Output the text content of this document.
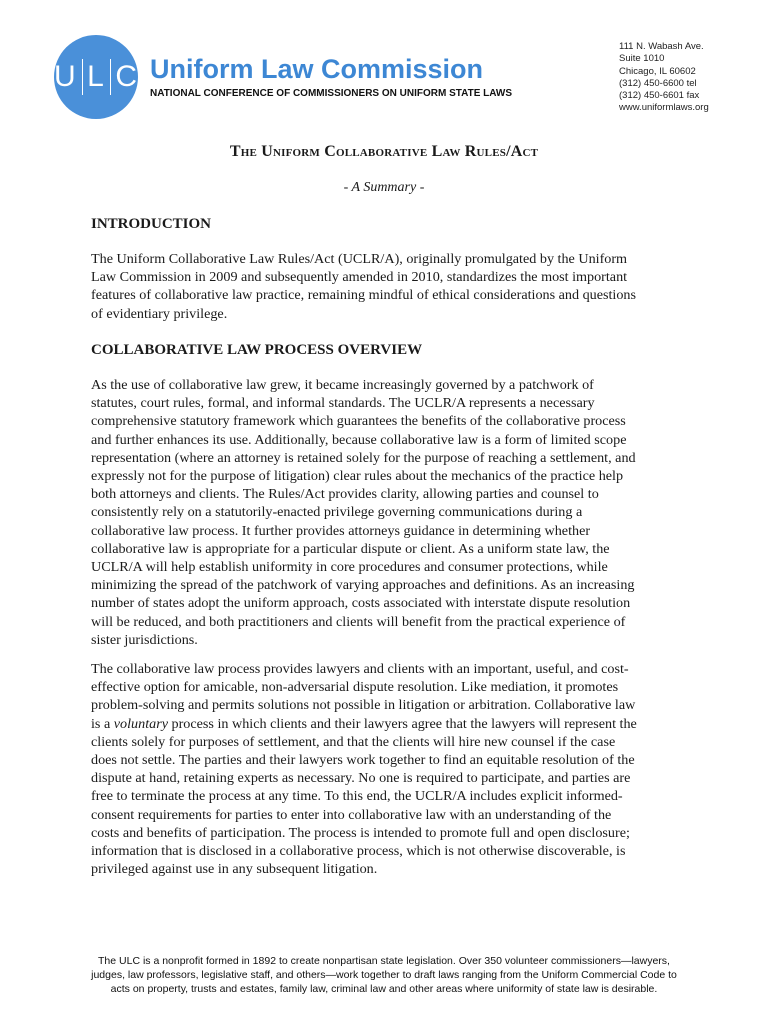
U L C Uniform Law Commission
NATIONAL CONFERENCE OF COMMISSIONERS ON UNIFORM STATE LAWS
111 N. Wabash Ave.
Suite 1010
Chicago, IL 60602
(312) 450-6600 tel
(312) 450-6601 fax
www.uniformlaws.org
The Uniform Collaborative Law Rules/Act
- A Summary -
INTRODUCTION
The Uniform Collaborative Law Rules/Act (UCLR/A), originally promulgated by the Uniform
Law Commission in 2009 and subsequently amended in 2010, standardizes the most important
features of collaborative law practice, remaining mindful of ethical considerations and questions
of evidentiary privilege.
COLLABORATIVE LAW PROCESS OVERVIEW
As the use of collaborative law grew, it became increasingly governed by a patchwork of
statutes, court rules, formal, and informal standards. The UCLR/A represents a necessary
comprehensive statutory framework which guarantees the benefits of the collaborative process
and further enhances its use. Additionally, because collaborative law is a form of limited scope
representation (where an attorney is retained solely for the purpose of reaching a settlement, and
expressly not for the purpose of litigation) clear rules about the mechanics of the practice help
both attorneys and clients. The Rules/Act provides clarity, allowing parties and counsel to
consistently rely on a statutorily-enacted privilege governing communications during a
collaborative law process. It further provides attorneys guidance in determining whether
collaborative law is appropriate for a particular dispute or client. As a uniform state law, the
UCLR/A will help establish uniformity in core procedures and consumer protections, while
minimizing the spread of the patchwork of varying approaches and definitions. As an increasing
number of states adopt the uniform approach, costs associated with interstate dispute resolution
will be reduced, and both practitioners and clients will benefit from the practical experience of
sister jurisdictions.
The collaborative law process provides lawyers and clients with an important, useful, and cost-
effective option for amicable, non-adversarial dispute resolution. Like mediation, it promotes
problem-solving and permits solutions not possible in litigation or arbitration. Collaborative law
is a voluntary process in which clients and their lawyers agree that the lawyers will represent the
clients solely for purposes of settlement, and that the clients will hire new counsel if the case
does not settle. The parties and their lawyers work together to find an equitable resolution of the
dispute at hand, retaining experts as necessary. No one is required to participate, and parties are
free to terminate the process at any time. To this end, the UCLR/A includes explicit informed-
consent requirements for parties to enter into collaborative law with an understanding of the
costs and benefits of participation. The process is intended to promote full and open disclosure;
information that is disclosed in a collaborative process, which is not otherwise discoverable, is
privileged against use in any subsequent litigation.
The ULC is a nonprofit formed in 1892 to create nonpartisan state legislation. Over 350 volunteer commissioners—lawyers,
judges, law professors, legislative staff, and others—work together to draft laws ranging from the Uniform Commercial Code to
acts on property, trusts and estates, family law, criminal law and other areas where uniformity of state law is desirable.
